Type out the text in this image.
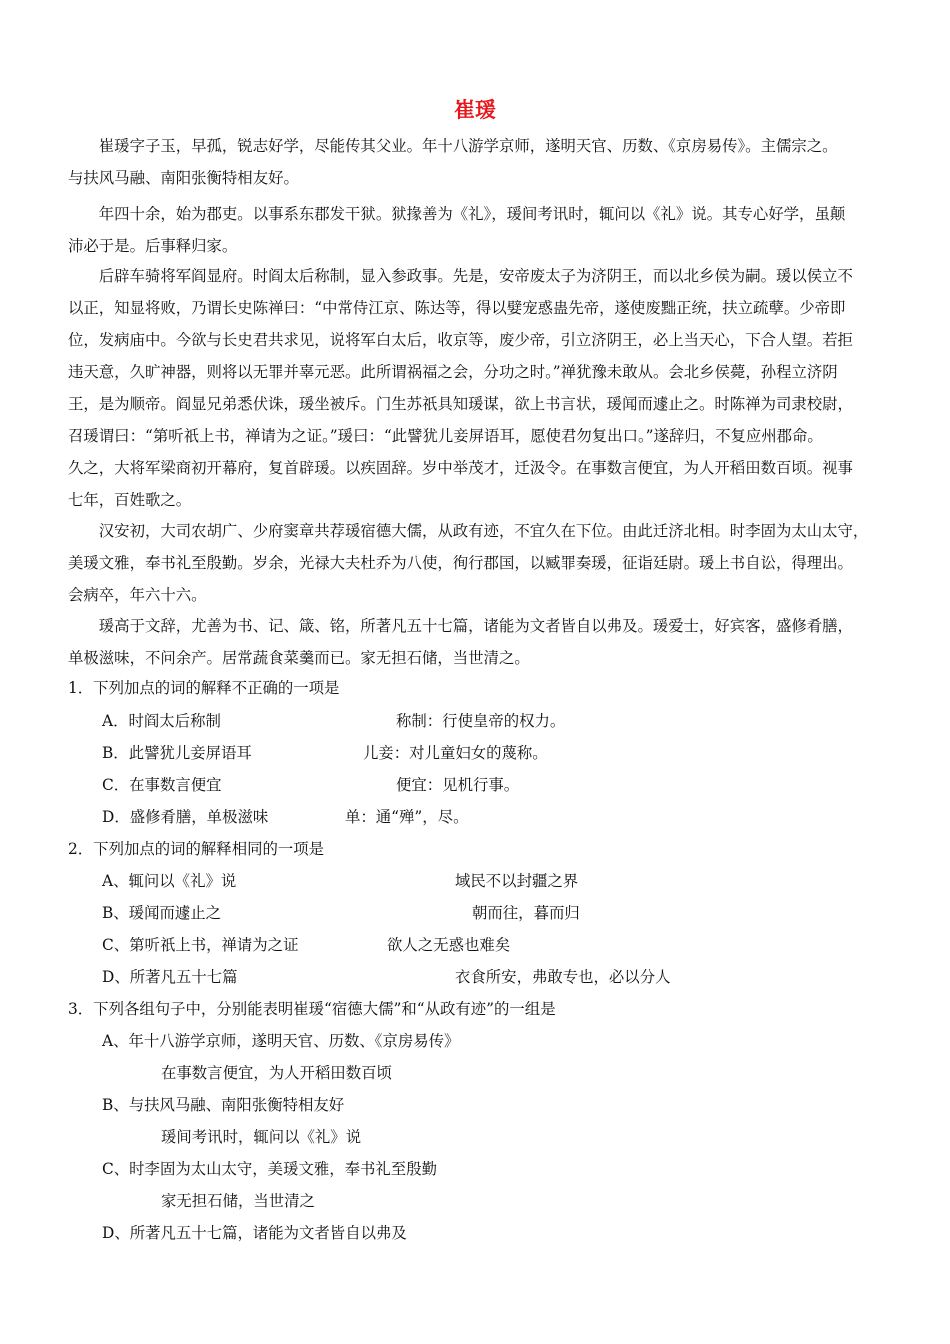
崔瑗
　　崔瑗字子玉，早孤，锐志好学，尽能传其父业。年十八游学京师，遂明天官、历数、《京房易传》。主儒宗之。
与扶风马融、南阳张衡特相友好。
　　年四十余，始为郡吏。以事系东郡发干狱。狱掾善为《礼》，瑗间考讯时，辄问以《礼》说。其专心好学，虽颠
沛必于是。后事释归家。
　　后辟车骑将军阎显府。时阎太后称制，显入参政事。先是，安帝废太子为济阴王，而以北乡侯为嗣。瑗以侯立不
以正，知显将败，乃谓长史陈禅曰：“中常侍江京、陈达等，得以嬖宠惑蛊先帝，遂使废黜正统，扶立疏孽。少帝即
位，发病庙中。今欲与长史君共求见，说将军白太后，收京等，废少帝，引立济阴王，必上当天心，下合人望。若拒
违天意，久旷神器，则将以无罪并辜元恶。此所谓祸福之会，分功之时。”禅犹豫未敢从。会北乡侯薨，孙程立济阴
王，是为顺帝。阎显兄弟悉伏诛，瑗坐被斥。门生苏祇具知瑗谋，欲上书言状，瑗闻而遽止之。时陈禅为司隶校尉，
召瑗谓曰：“第听祇上书，禅请为之证。”瑗曰：“此譬犹儿妾屏语耳，愿使君勿复出口。”遂辞归，不复应州郡命。
久之，大将军梁商初开幕府，复首辟瑗。以疾固辞。岁中举茂才，迁汲令。在事数言便宜，为人开稻田数百顷。视事
七年，百姓歌之。
　　汉安初，大司农胡广、少府窦章共荐瑗宿德大儒，从政有迹，不宜久在下位。由此迁济北相。时李固为太山太守，
美瑗文雅，奉书礼至殷勤。岁余，光禄大夫杜乔为八使，徇行郡国，以臧罪奏瑗，征诣廷尉。瑗上书自讼，得理出。
会病卒，年六十六。
　　瑗高于文辞，尤善为书、记、箴、铭，所著凡五十七篇，诸能为文者皆自以弗及。瑗爱士，好宾客，盛修肴膳，
单极滋味，不问余产。居常蔬食菜羹而已。家无担石储，当世清之。
1．下列加点的词的解释不正确的一项是
A．时阎太后称制	称制：行使皇帝的权力。
B．此譬犹儿妾屏语耳	儿妾：对儿童妇女的蔑称。
C．在事数言便宜	便宜：见机行事。
D．盛修肴膳，单极滋味	单：通“殚”，尽。
2．下列加点的词的解释相同的一项是
A、辄问以《礼》说	域民不以封疆之界
B、瑗闻而遽止之	朝而往，暮而归
C、第听祇上书，禅请为之证	欲人之无惑也难矣
D、所著凡五十七篇	衣食所安，弗敢专也，必以分人
3．下列各组句子中，分别能表明崔瑗“宿德大儒”和“从政有迹”的一组是
A、年十八游学京师，遂明天官、历数、《京房易传》
在事数言便宜，为人开稻田数百顷
B、与扶风马融、南阳张衡特相友好
瑗间考讯时，辄问以《礼》说
C、时李固为太山太守，美瑗文雅，奉书礼至殷勤
家无担石储，当世清之
D、所著凡五十七篇，诸能为文者皆自以弗及
